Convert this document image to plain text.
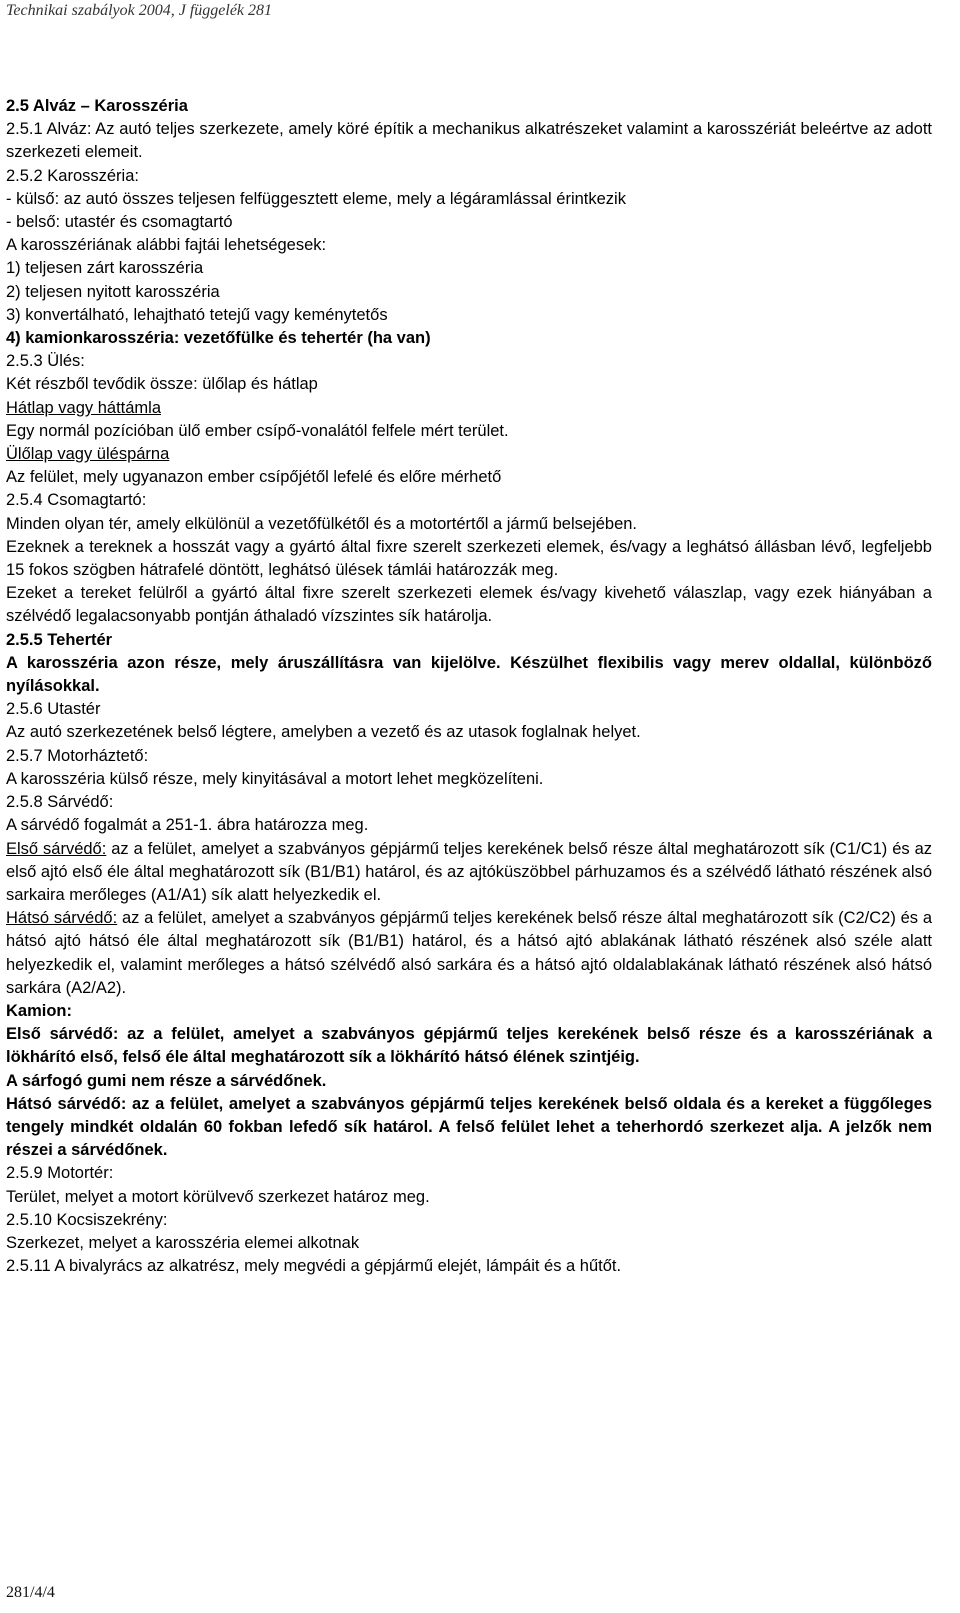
Technikai szabályok 2004, J függelék 281

2.5 Alváz – Karosszéria

2.5.1 Alváz: Az autó teljes szerkezete, amely köré építik a mechanikus alkatrészeket valamint a karosszériát beleértve az adott szerkezeti elemeit.

2.5.2 Karosszéria:

- külső: az autó összes teljesen felfüggesztett eleme, mely a légáramlással érintkezik

- belső: utastér és csomagtartó

A karosszériának alábbi fajtái lehetségesek:

1) teljesen zárt karosszéria

2) teljesen nyitott karosszéria

3) konvertálható, lehajtható tetejű vagy keménytetős

4) kamionkarosszéria: vezetőfülke és tehertér (ha van)

2.5.3 Ülés:

Két részből tevődik össze: ülőlap és hátlap

Hátlap vagy háttámla

Egy normál pozícióban ülő ember csípő-vonalától felfele mért terület.

Ülőlap vagy üléspárna

Az felület, mely ugyanazon ember csípőjétől lefelé és előre mérhető

2.5.4 Csomagtartó:

Minden olyan tér, amely elkülönül a vezetőfülkétől és a motortértől a jármű belsejében.

Ezeknek a tereknek a hosszát vagy a gyártó által fixre szerelt szerkezeti elemek, és/vagy a leghátsó állásban lévő, legfeljebb 15 fokos szögben hátrafelé döntött, leghátsó ülések támlái határozzák meg.

Ezeket a tereket felülről a gyártó által fixre szerelt szerkezeti elemek és/vagy kivehető válaszlap, vagy ezek hiányában a szélvédő legalacsonyabb pontján áthaladó vízszintes sík határolja.

2.5.5 Tehertér

A karosszéria azon része, mely áruszállításra van kijelölve. Készülhet flexibilis vagy merev oldallal, különböző nyílásokkal.

2.5.6 Utastér

Az autó szerkezetének belső légtere, amelyben a vezető és az utasok foglalnak helyet.

2.5.7 Motorháztető:

A karosszéria külső része, mely kinyitásával a motort lehet megközelíteni.

2.5.8 Sárvédő:

A sárvédő fogalmát a 251-1. ábra határozza meg.

Első sárvédő: az a felület, amelyet a szabványos gépjármű teljes kerekének belső része által meghatározott sík (C1/C1) és az első ajtó első éle által meghatározott sík (B1/B1) határol, és az ajtóküszöbbel párhuzamos és a szélvédő látható részének alsó sarkaira merőleges (A1/A1) sík alatt helyezkedik el.

Hátsó sárvédő: az a felület, amelyet a szabványos gépjármű teljes kerekének belső része által meghatározott sík (C2/C2) és a hátsó ajtó hátsó éle által meghatározott sík (B1/B1) határol, és a hátsó ajtó ablakának látható részének alsó széle alatt helyezkedik el, valamint merőleges a hátsó szélvédő alsó sarkára és a hátsó ajtó oldalablakának látható részének alsó hátsó sarkára (A2/A2).

Kamion:

Első sárvédő: az a felület, amelyet a szabványos gépjármű teljes kerekének belső része és a karosszériának a lökhárító első, felső éle által meghatározott sík a lökhárító hátsó élének szintjéig.

A sárfogó gumi nem része a sárvédőnek.

Hátsó sárvédő: az a felület, amelyet a szabványos gépjármű teljes kerekének belső oldala és a kereket a függőleges tengely mindkét oldalán 60 fokban lefedő sík határol. A felső felület lehet a teherhordó szerkezet alja. A jelzők nem részei a sárvédőnek.

2.5.9 Motortér:

Terület, melyet a motort körülvevő szerkezet határoz meg.

2.5.10 Kocsiszekrény:

Szerkezet, melyet a karosszéria elemei alkotnak

2.5.11 A bivalyrács az alkatrész, mely megvédi a gépjármű elejét, lámpáit és a hűtőt.

281/4/4
